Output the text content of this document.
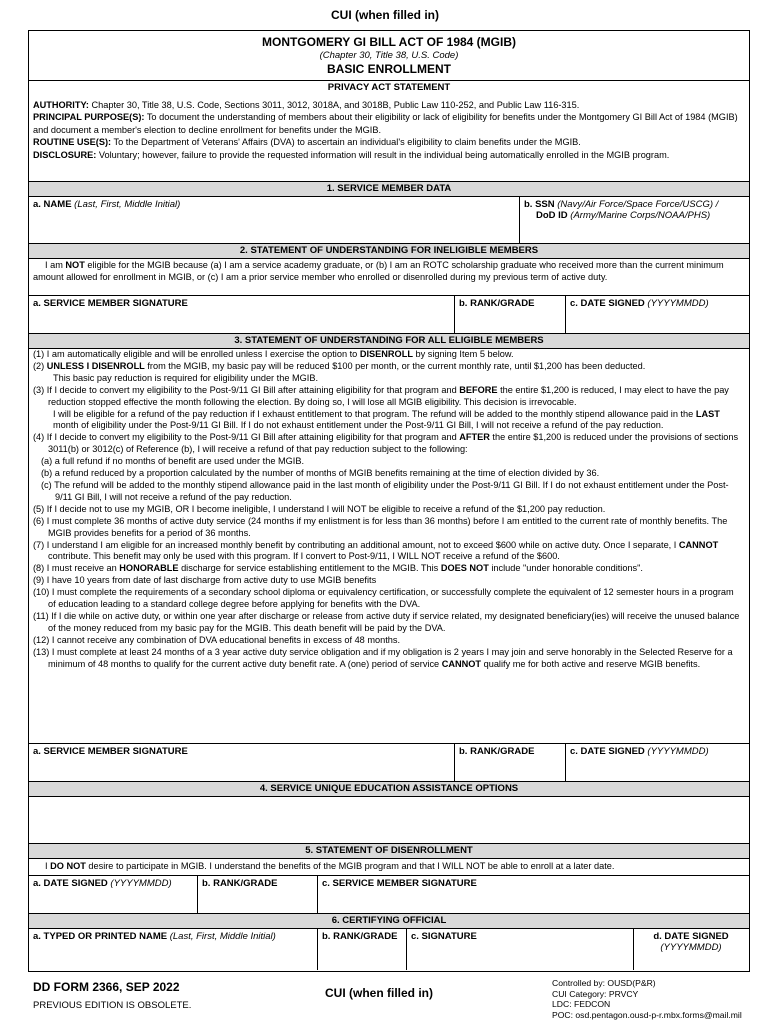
CUI (when filled in)
MONTGOMERY GI BILL ACT OF 1984 (MGIB)
(Chapter 30, Title 38, U.S. Code)
BASIC ENROLLMENT
PRIVACY ACT STATEMENT
AUTHORITY: Chapter 30, Title 38, U.S. Code, Sections 3011, 3012, 3018A, and 3018B, Public Law 110-252, and Public Law 116-315.
PRINCIPAL PURPOSE(S): To document the understanding of members about their eligibility or lack of eligibility for benefits under the Montgomery GI Bill Act of 1984 (MGIB) and document a member's election to decline enrollment for benefits under the MGIB.
ROUTINE USE(S): To the Department of Veterans' Affairs (DVA) to ascertain an individual's eligibility to claim benefits under the MGIB.
DISCLOSURE: Voluntary; however, failure to provide the requested information will result in the individual being automatically enrolled in the MGIB program.
1. SERVICE MEMBER DATA
a. NAME (Last, First, Middle Initial)	b. SSN (Navy/Air Force/Space Force/USCG) /
DoD ID (Army/Marine Corps/NOAA/PHS)
2. STATEMENT OF UNDERSTANDING FOR INELIGIBLE MEMBERS
I am NOT eligible for the MGIB because (a) I am a service academy graduate, or (b) I am an ROTC scholarship graduate who received more than the current minimum amount allowed for enrollment in MGIB, or (c) I am a prior service member who enrolled or disenrolled during my previous term of active duty.
a. SERVICE MEMBER SIGNATURE	b. RANK/GRADE	c. DATE SIGNED (YYYYMMDD)
3. STATEMENT OF UNDERSTANDING FOR ALL ELIGIBLE MEMBERS

(1) I am automatically eligible and will be enrolled unless I exercise the option to DISENROLL by signing Item 5 below.

(2) UNLESS I DISENROLL from the MGIB, my basic pay will be reduced $100 per month, or the current monthly rate, until $1,200 has been deducted.

This basic pay reduction is required for eligibility under the MGIB.

(3) If I decide to convert my eligibility to the Post-9/11 GI Bill after attaining eligibility for that program and BEFORE the entire $1,200 is reduced, I may elect to have the pay reduction stopped effective the month following the election. By doing so, I will lose all MGIB eligibility. This decision is irrevocable.

I will be eligible for a refund of the pay reduction if I exhaust entitlement to that program. The refund will be added to the monthly stipend allowance paid in the LAST month of eligibility under the Post-9/11 GI Bill. If I do not exhaust entitlement under the Post-9/11 GI Bill, I will not receive a refund of the pay reduction.

(4) If I decide to convert my eligibility to the Post-9/11 GI Bill after attaining eligibility for that program and AFTER the entire $1,200 is reduced under the provisions of sections 3011(b) or 3012(c) of Reference (b), I will receive a refund of that pay reduction subject to the following:

(a) a full refund if no months of benefit are used under the MGIB.

(b) a refund reduced by a proportion calculated by the number of months of MGIB benefits remaining at the time of election divided by 36.

(c) The refund will be added to the monthly stipend allowance paid in the last month of eligibility under the Post-9/11 GI Bill. If I do not exhaust entitlement under the Post-9/11 GI Bill, I will not receive a refund of the pay reduction.

(5) If I decide not to use my MGIB, OR I become ineligible, I understand I will NOT be eligible to receive a refund of the $1,200 pay reduction.

(6) I must complete 36 months of active duty service (24 months if my enlistment is for less than 36 months) before I am entitled to the current rate of monthly benefits. The MGIB provides benefits for a period of 36 months.

(7) I understand I am eligible for an increased monthly benefit by contributing an additional amount, not to exceed $600 while on active duty. Once I separate, I CANNOT contribute. This benefit may only be used with this program. If I convert to Post-9/11, I WILL NOT receive a refund of the $600.

(8) I must receive an HONORABLE discharge for service establishing entitlement to the MGIB. This DOES NOT include "under honorable conditions".

(9) I have 10 years from date of last discharge from active duty to use MGIB benefits

(10) I must complete the requirements of a secondary school diploma or equivalency certification, or successfully complete the equivalent of 12 semester hours in a program of education leading to a standard college degree before applying for benefits with the DVA.

(11) If I die while on active duty, or within one year after discharge or release from active duty if service related, my designated beneficiary(ies) will receive the unused balance of the money reduced from my basic pay for the MGIB. This death benefit will be paid by the DVA.

(12) I cannot receive any combination of DVA educational benefits in excess of 48 months.

(13) I must complete at least 24 months of a 3 year active duty service obligation and if my obligation is 2 years I may join and serve honorably in the Selected Reserve for a minimum of 48 months to qualify for the current active duty benefit rate. A (one) period of service CANNOT qualify me for both active and reserve MGIB benefits.

a. SERVICE MEMBER SIGNATURE	b. RANK/GRADE	c. DATE SIGNED (YYYYMMDD)
4. SERVICE UNIQUE EDUCATION ASSISTANCE OPTIONS
5. STATEMENT OF DISENROLLMENT
I DO NOT desire to participate in MGIB. I understand the benefits of the MGIB program and that I WILL NOT be able to enroll at a later date.
a. DATE SIGNED (YYYYMMDD)	b. RANK/GRADE	c. SERVICE MEMBER SIGNATURE
6. CERTIFYING OFFICIAL
a. TYPED OR PRINTED NAME (Last, First, Middle Initial)	b. RANK/GRADE	c. SIGNATURE	d. DATE SIGNED
(YYYYMMDD)
DD FORM 2366, SEP 2022
PREVIOUS EDITION IS OBSOLETE.
CUI (when filled in)
Controlled by: OUSD(P&R)
CUI Category: PRVCY
LDC: FEDCON
POC: osd.pentagon.ousd-p-r.mbx.forms@mail.mil
